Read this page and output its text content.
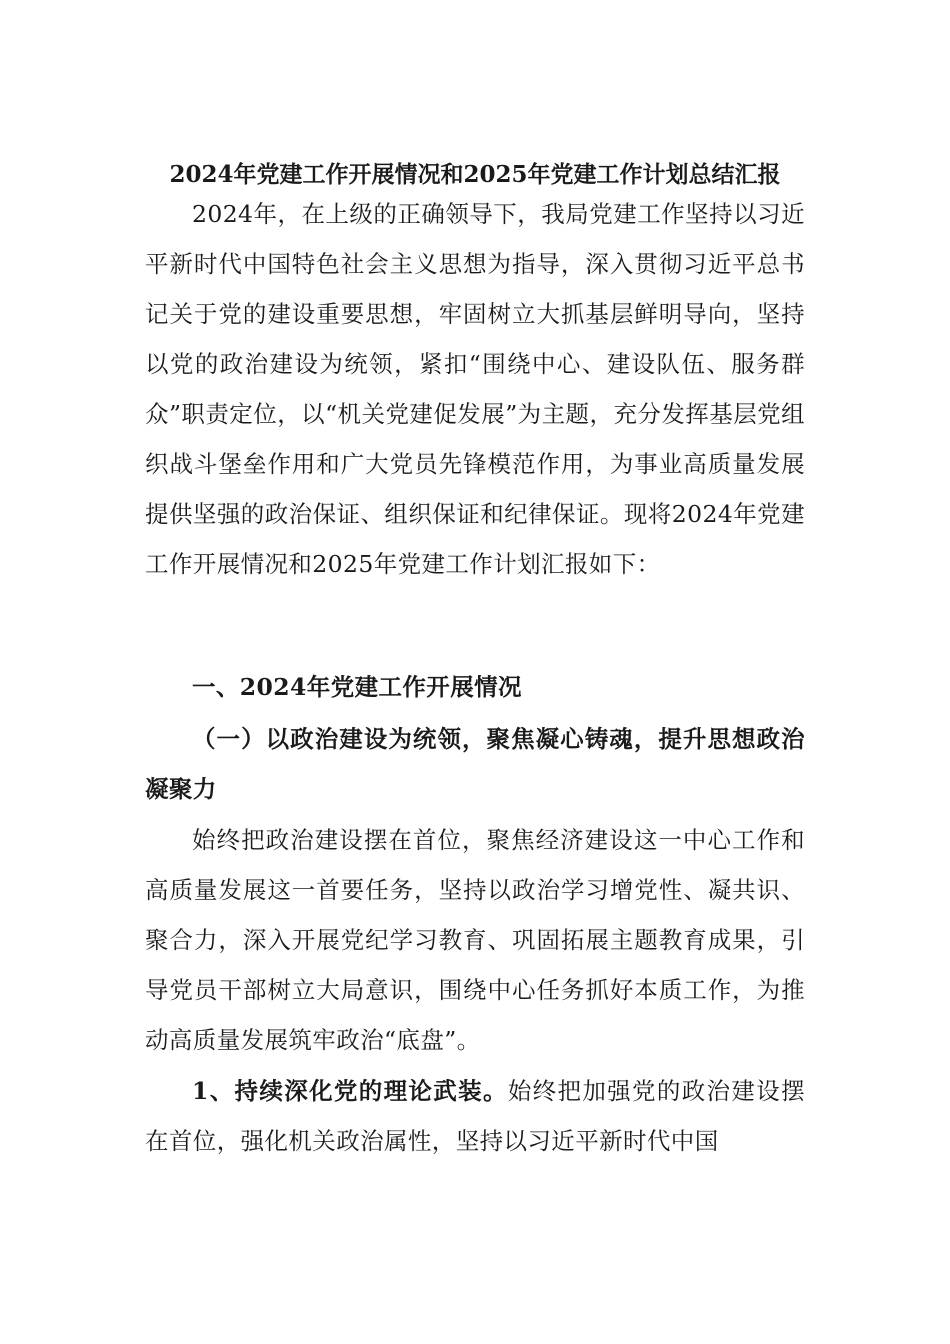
2024年党建工作开展情况和2025年党建工作计划总结汇报

2024年，在上级的正确领导下，我局党建工作坚持以习近平新时代中国特色社会主义思想为指导，深入贯彻习近平总书记关于党的建设重要思想，牢固树立大抓基层鲜明导向，坚持以党的政治建设为统领，紧扣“围绕中心、建设队伍、服务群众”职责定位，以“机关党建促发展”为主题，充分发挥基层党组织战斗堡垒作用和广大党员先锋模范作用，为事业高质量发展提供坚强的政治保证、组织保证和纪律保证。现将2024年党建工作开展情况和2025年党建工作计划汇报如下：

一、2024年党建工作开展情况

（一）以政治建设为统领，聚焦凝心铸魂，提升思想政治凝聚力

始终把政治建设摆在首位，聚焦经济建设这一中心工作和高质量发展这一首要任务，坚持以政治学习增党性、凝共识、聚合力，深入开展党纪学习教育、巩固拓展主题教育成果，引导党员干部树立大局意识，围绕中心任务抓好本质工作，为推动高质量发展筑牢政治“底盘”。

1、持续深化党的理论武装。始终把加强党的政治建设摆在首位，强化机关政治属性，坚持以习近平新时代中国
